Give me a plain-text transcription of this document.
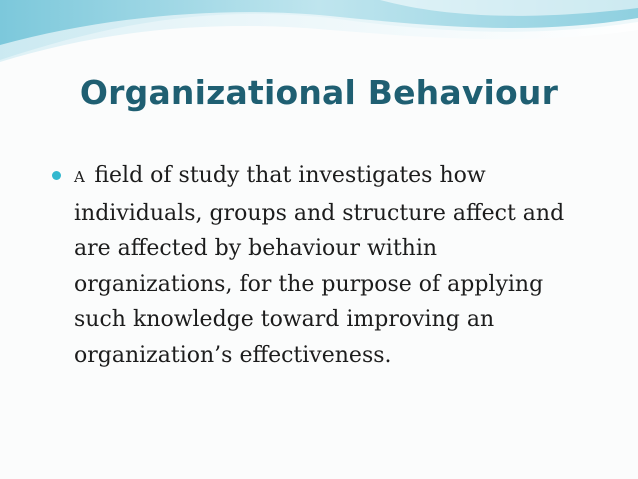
Organizational Behaviour
A field of study that investigates how individuals, groups and structure affect and are affected by behaviour within organizations, for the purpose of applying such knowledge toward improving an organization’s effectiveness.
